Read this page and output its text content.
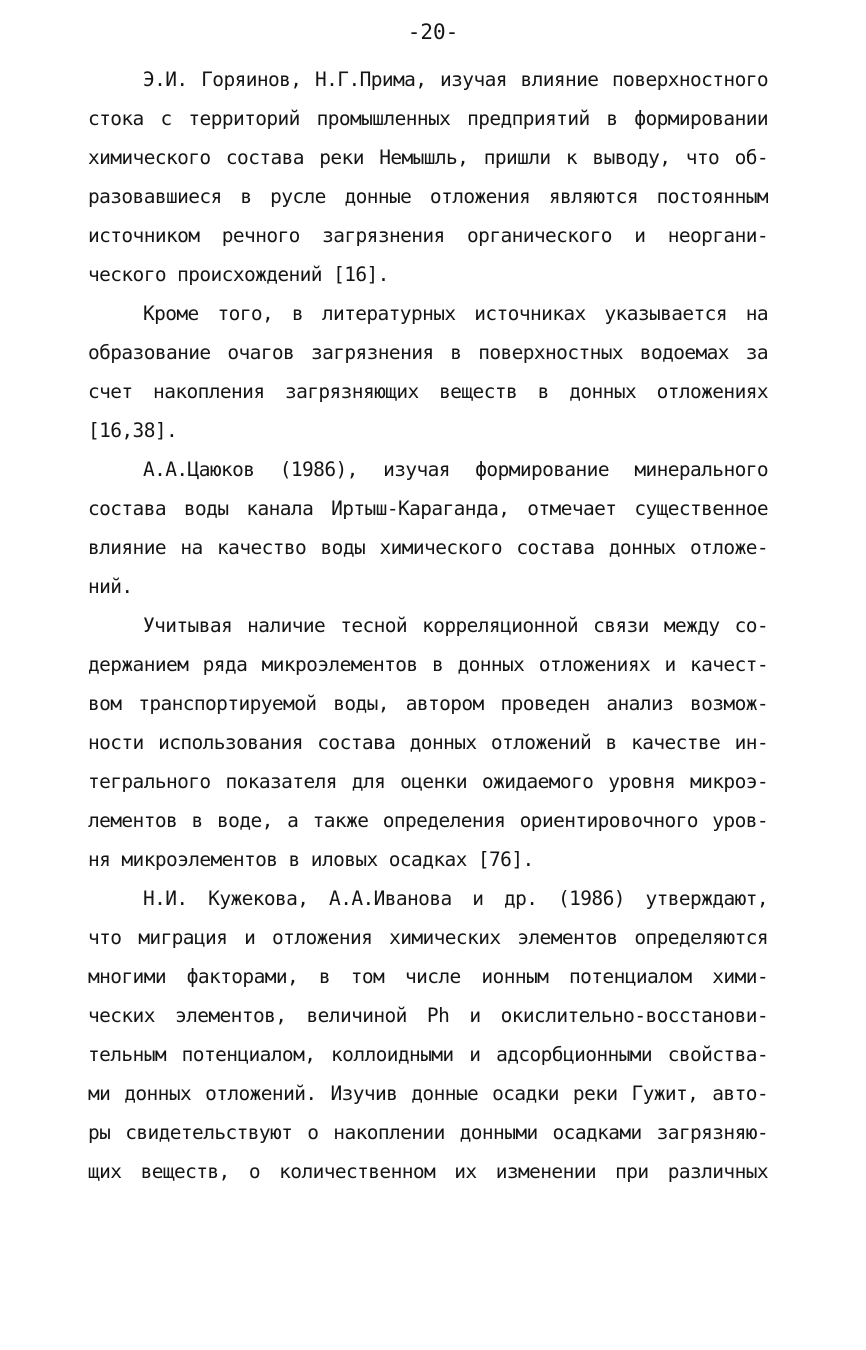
-20-
Э.И. Горяинов, Н.Г.Прима, изучая влияние поверхностного
стока с территорий промышленных предприятий в формировании
химического состава реки Немышль, пришли к выводу, что об-
разовавшиеся в русле донные отложения являются постоянным
источником речного загрязнения органического и неоргани-
ческого происхождений [16].
Кроме того, в литературных источниках указывается на
образование очагов загрязнения в поверхностных водоемах за
счет накопления загрязняющих веществ в донных отложениях
[16,38].
А.А.Цаюков (1986), изучая формирование минерального
состава воды канала Иртыш-Караганда, отмечает существенное
влияние на качество воды химического состава донных отложе-
ний.
Учитывая наличие тесной корреляционной связи между со-
держанием ряда микроэлементов в донных отложениях и качест-
вом транспортируемой воды, автором проведен анализ возмож-
ности использования состава донных отложений в качестве ин-
тегрального показателя для оценки ожидаемого уровня микроэ-
лементов в воде, а также определения ориентировочного уров-
ня микроэлементов в иловых осадках [76].
Н.И. Кужекова, А.А.Иванова и др. (1986) утверждают,
что миграция и отложения химических элементов определяются
многими факторами, в том числе ионным потенциалом хими-
ческих элементов, величиной Ph и окислительно-восстанови-
тельным потенциалом, коллоидными и адсорбционными свойства-
ми донных отложений. Изучив донные осадки реки Гужит, авто-
ры свидетельствуют о накоплении донными осадками загрязняю-
щих веществ, о количественном их изменении при различных
